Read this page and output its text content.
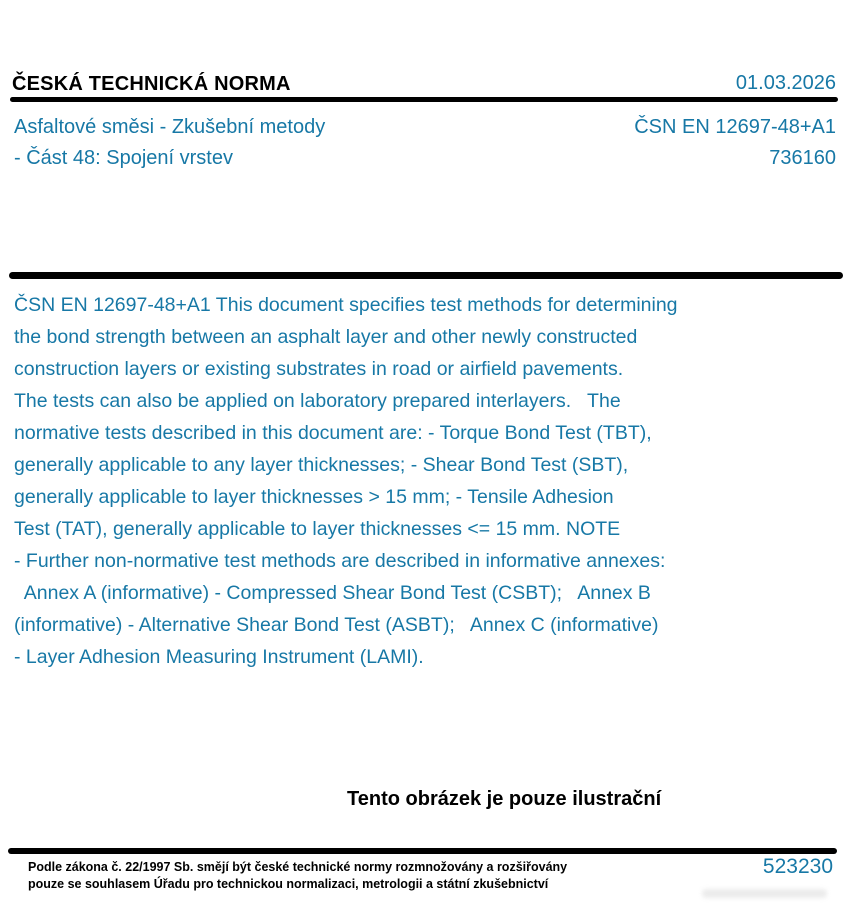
ČESKÁ TECHNICKÁ NORMA	01.03.2026
Asfaltové směsi - Zkušební metody
- Část 48: Spojení vrstev
ČSN EN 12697-48+A1
736160
ČSN EN 12697-48+A1 This document specifies test methods for determining
the bond strength between an asphalt layer and other newly constructed
construction layers or existing substrates in road or airfield pavements.
The tests can also be applied on laboratory prepared interlayers.   The
normative tests described in this document are: - Torque Bond Test (TBT),
generally applicable to any layer thicknesses; - Shear Bond Test (SBT),
generally applicable to layer thicknesses > 15 mm; - Tensile Adhesion
Test (TAT), generally applicable to layer thicknesses <= 15 mm. NOTE
- Further non-normative test methods are described in informative annexes:
Annex A (informative) - Compressed Shear Bond Test (CSBT);   Annex B
(informative) - Alternative Shear Bond Test (ASBT);   Annex C (informative)
- Layer Adhesion Measuring Instrument (LAMI).
Tento obrázek je pouze ilustrační
Podle zákona č. 22/1997 Sb. smějí být české technické normy rozmnožovány a rozšiřovány
pouze se souhlasem Úřadu pro technickou normalizaci, metrologii a státní zkušebnictví
523230
